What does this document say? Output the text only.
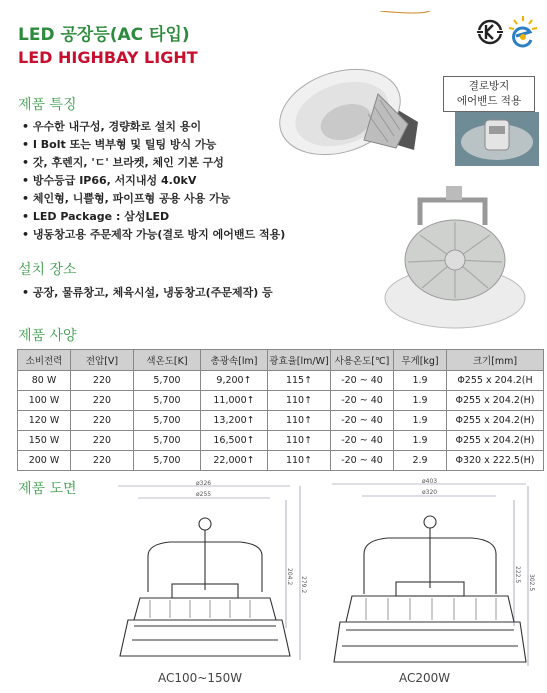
LED 공장등(AC 타입)
LED HIGHBAY LIGHT
제품 특징
• 우수한 내구성, 경량화로 설치 용이
• I Bolt 또는 벽부형 및 틸팅 방식 가능
• 갓, 후렌지, 'ㄷ' 브라켓, 체인 기본 구성
• 방수등급 IP66, 서지내성 4.0kV
• 체인형, 니쁠형, 파이프형 공용 사용 가능
• LED Package : 삼성LED
• 냉동창고용 주문제작 가능(결로 방지 에어밴드 적용)
결로방지
에어밴드 적용
설치 장소
• 공장, 물류창고, 체육시설, 냉동창고(주문제작) 등
제품 사양
소비전력	전압[V]	색온도[K]	총광속[lm]	광효율[lm/W]	사용온도[℃]	무게[kg]	크기[mm]
80 W	220	5,700	9,200↑	115↑	-20 ~ 40	1.9	Φ255 x 204.2(H
100 W	220	5,700	11,000↑	110↑	-20 ~ 40	1.9	Φ255 x 204.2(H)
120 W	220	5,700	13,200↑	110↑	-20 ~ 40	1.9	Φ255 x 204.2(H)
150 W	220	5,700	16,500↑	110↑	-20 ~ 40	1.9	Φ255 x 204.2(H)
200 W	220	5,700	22,000↑	110↑	-20 ~ 40	2.9	Φ320 x 222.5(H)
제품 도면	ø326
ø255
204.2 279.2
AC100~150W
ø403
ø320
222.5 302.5
AC200W
